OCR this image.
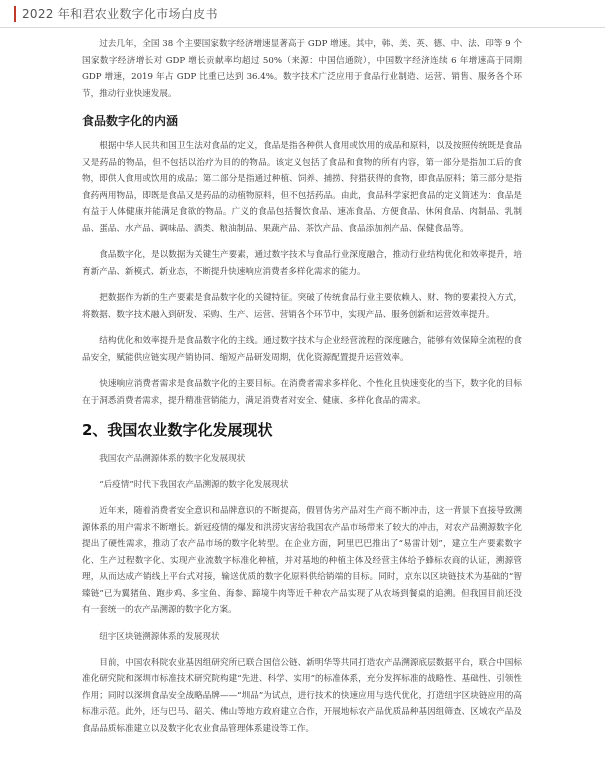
2022 年和君农业数字化市场白皮书

过去几年，全国 38 个主要国家数字经济增速显著高于 GDP 增速。其中，韩、美、英、德、中、法、印等 9 个国家数字经济增长对 GDP 增长贡献率均超过 50%（来源：中国信通院），中国数字经济连续 6 年增速高于同期 GDP 增速，2019 年占 GDP 比重已达到 36.4%。数字技术广泛应用于食品行业制造、运营、销售、服务各个环节，推动行业快速发展。

食品数字化的内涵

根据中华人民共和国卫生法对食品的定义，食品是指各种供人食用或饮用的成品和原料，以及按照传统既是食品又是药品的物品，但不包括以治疗为目的的物品。该定义包括了食品和食物的所有内容，第一部分是指加工后的食物，即供人食用或饮用的成品；第二部分是指通过种植、饲养、捕捞、狩猎获得的食物，即食品原料；第三部分是指食药两用物品，即既是食品又是药品的动植物原料，但不包括药品。由此，食品科学家把食品的定义简述为：食品是有益于人体健康并能满足食欲的物品。广义的食品包括餐饮食品、速冻食品、方便食品、休闲食品、肉制品、乳制品、蛋品、水产品、调味品、酒类、粮油制品、果蔬产品、茶饮产品、食品添加剂产品、保健食品等。

食品数字化，是以数据为关键生产要素，通过数字技术与食品行业深度融合，推动行业结构优化和效率提升，培育新产品、新模式、新业态，不断提升快速响应消费者多样化需求的能力。

把数据作为新的生产要素是食品数字化的关键特征。突破了传统食品行业主要依赖人、财、物的要素投入方式，将数据、数字技术融入到研发、采购、生产、运营、营销各个环节中，实现产品、服务创新和运营效率提升。

结构优化和效率提升是食品数字化的主线。通过数字技术与企业经营流程的深度融合，能够有效保障全流程的食品安全，赋能供应链实现产销协同、缩短产品研发周期，优化资源配置提升运营效率。

快速响应消费者需求是食品数字化的主要目标。在消费者需求多样化、个性化且快速变化的当下，数字化的目标在于洞悉消费者需求，提升精准营销能力，满足消费者对安全、健康、多样化食品的需求。

2、我国农业数字化发展现状

我国农产品溯源体系的数字化发展现状

“后疫情”时代下我国农产品溯源的数字化发展现状

近年来，随着消费者安全意识和品牌意识的不断提高，假冒伪劣产品对生产商不断冲击，这一背景下直接导致溯源体系的用户需求不断增长。新冠疫情的爆发和洪涝灾害给我国农产品市场带来了较大的冲击，对农产品溯源数字化提出了硬性需求，推动了农产品市场的数字化转型。在企业方面，阿里巴巴推出了“易雷计划”，建立生产要素数字化、生产过程数字化、实现产业流数字标准化种植，并对基地的种植主体及经营主体给予蜂标农商的认证，溯源管理，从而达成产销线上平台式对接，输送优质的数字化原料供给销端的目标。同时，京东以区块链技术为基础的“智臻链”已为翼猪鱼、跑步鸡、多宝鱼、海参、蹄境牛肉等近千种农产品实现了从农场到餐桌的追溯。但我国目前还没有一套统一的农产品溯源的数字化方案。

纽宇区块链溯源体系的发展现状

目前，中国农科院农业基因组研究所已联合国信公链、新明华等共同打造农产品溯源底层数据平台，联合中国标准化研究院和深圳市标准技术研究院构建“先进、科学、实用”的标准体系，充分发挥标准的战略性、基础性、引领性作用；同时以深圳食品安全战略品牌——“圳品”为试点，进行技术的快速应用与迭代优化，打造纽宇区块链应用的高标准示范。此外，还与巴马、韶关、佛山等地方政府建立合作，开展地标农产品优质品种基因组筛查、区域农产品及食品品质标准建立以及数字化农业食品管理体系建设等工作。
